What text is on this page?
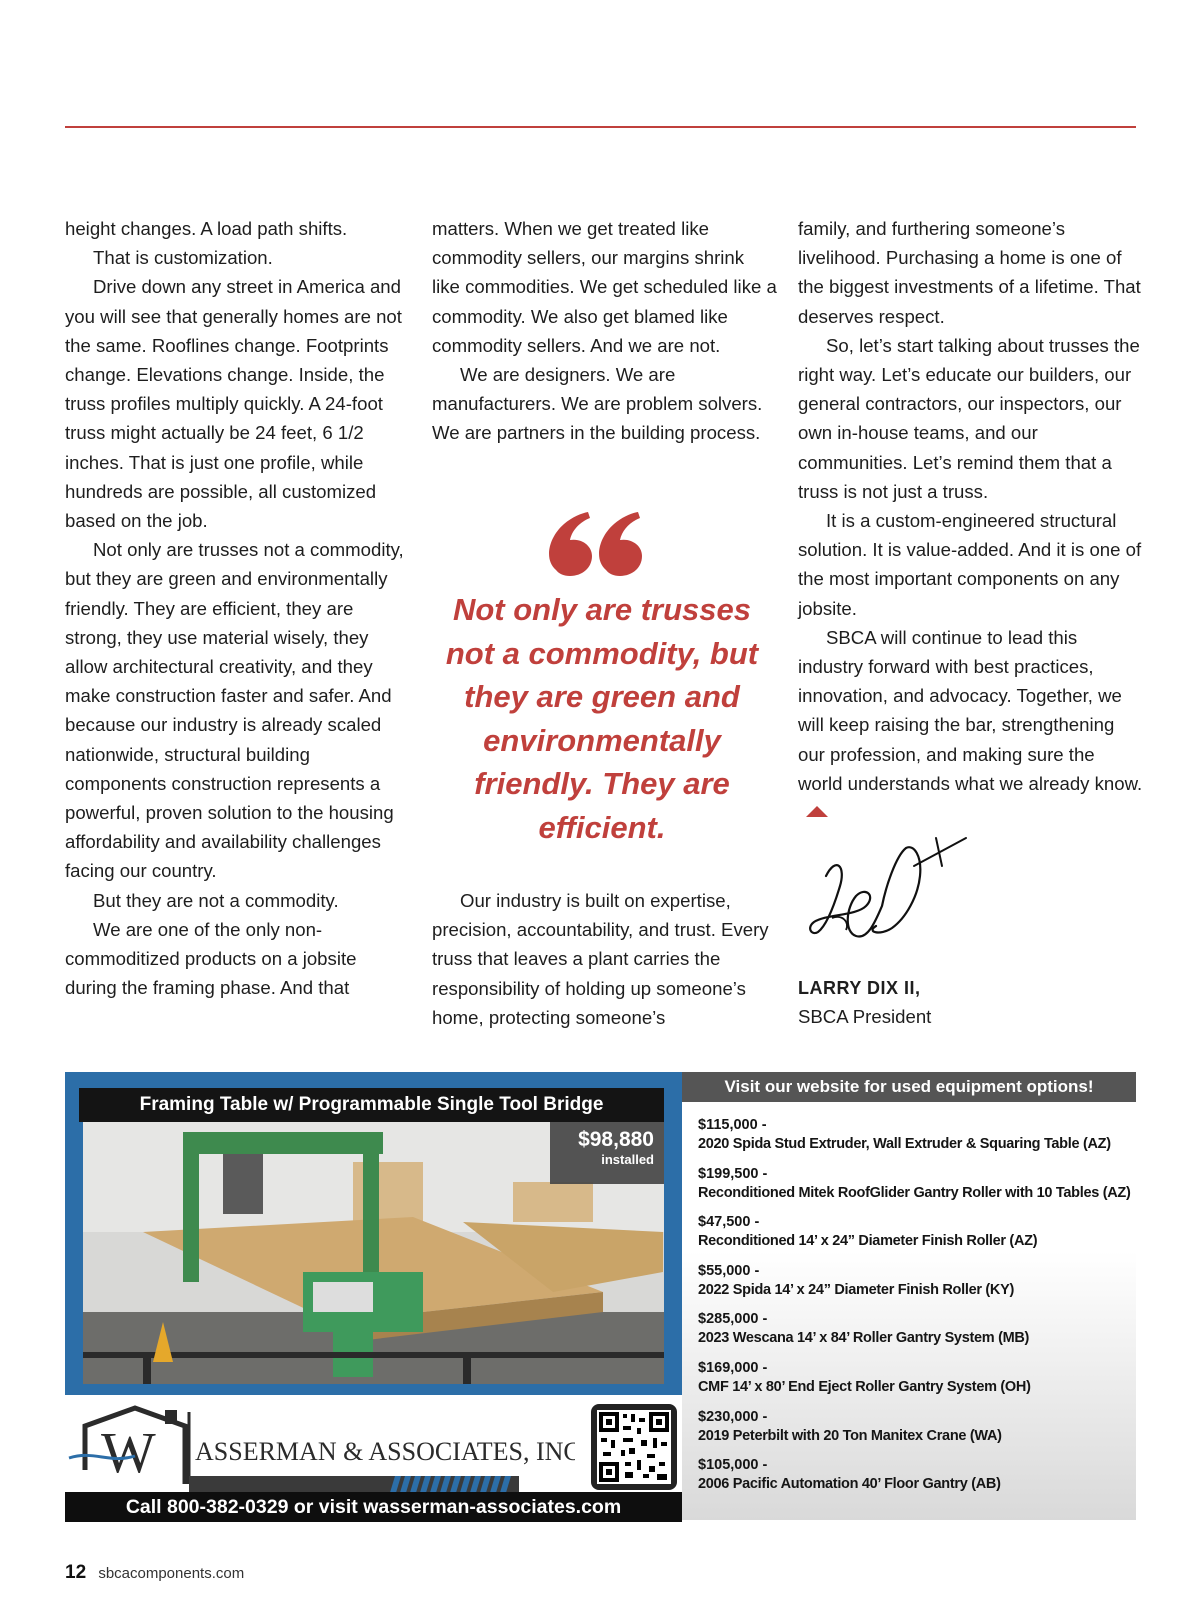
height changes. A load path shifts.

That is customization.

Drive down any street in America and you will see that generally homes are not the same. Rooflines change. Footprints change. Elevations change. Inside, the truss profiles multiply quickly. A 24-foot truss might actually be 24 feet, 6 1/2 inches. That is just one profile, while hundreds are possible, all customized based on the job.

Not only are trusses not a commodity, but they are green and environmentally friendly. They are efficient, they are strong, they use material wisely, they allow architectural creativity, and they make construction faster and safer. And because our industry is already scaled nationwide, structural building components construction represents a powerful, proven solution to the housing affordability and availability challenges facing our country.

But they are not a commodity.

We are one of the only non-commoditized products on a jobsite during the framing phase. And that

matters. When we get treated like commodity sellers, our margins shrink like commodities. We get scheduled like a commodity. We also get blamed like commodity sellers. And we are not.

We are designers. We are manufacturers. We are problem solvers. We are partners in the building process.

Not only are trusses not a commodity, but they are green and environmentally friendly. They are efficient.

Our industry is built on expertise, precision, accountability, and trust. Every truss that leaves a plant carries the responsibility of holding up someone’s home, protecting someone’s

family, and furthering someone’s livelihood. Purchasing a home is one of the biggest investments of a lifetime. That deserves respect.

So, let’s start talking about trusses the right way. Let’s educate our builders, our general contractors, our inspectors, our own in-house teams, and our communities. Let’s remind them that a truss is not just a truss.

It is a custom-engineered structural solution. It is value-added. And it is one of the most important components on any jobsite.

SBCA will continue to lead this industry forward with best practices, innovation, and advocacy. Together, we will keep raising the bar, strengthening our profession, and making sure the world understands what we already know.

LARRY DIX II,
SBCA President
Framing Table w/ Programmable Single Tool Bridge
$98,880
installed
W ASSERMAN & ASSOCIATES, INC.
Call 800-382-0329 or visit wasserman-associates.com
Visit our website for used equipment options!
$115,000 -
2020 Spida Stud Extruder, Wall Extruder & Squaring Table (AZ)
$199,500 -
Reconditioned Mitek RoofGlider Gantry Roller with 10 Tables (AZ)
$47,500 -
Reconditioned 14’ x 24” Diameter Finish Roller (AZ)
$55,000 -
2022 Spida 14’ x 24” Diameter Finish Roller (KY)
$285,000 -
2023 Wescana 14’ x 84’ Roller Gantry System (MB)
$169,000 -
CMF 14’ x 80’ End Eject Roller Gantry System (OH)
$230,000 -
2019 Peterbilt with 20 Ton Manitex Crane (WA)
$105,000 -
2006 Pacific Automation 40’ Floor Gantry (AB)
12 sbcacomponents.com
